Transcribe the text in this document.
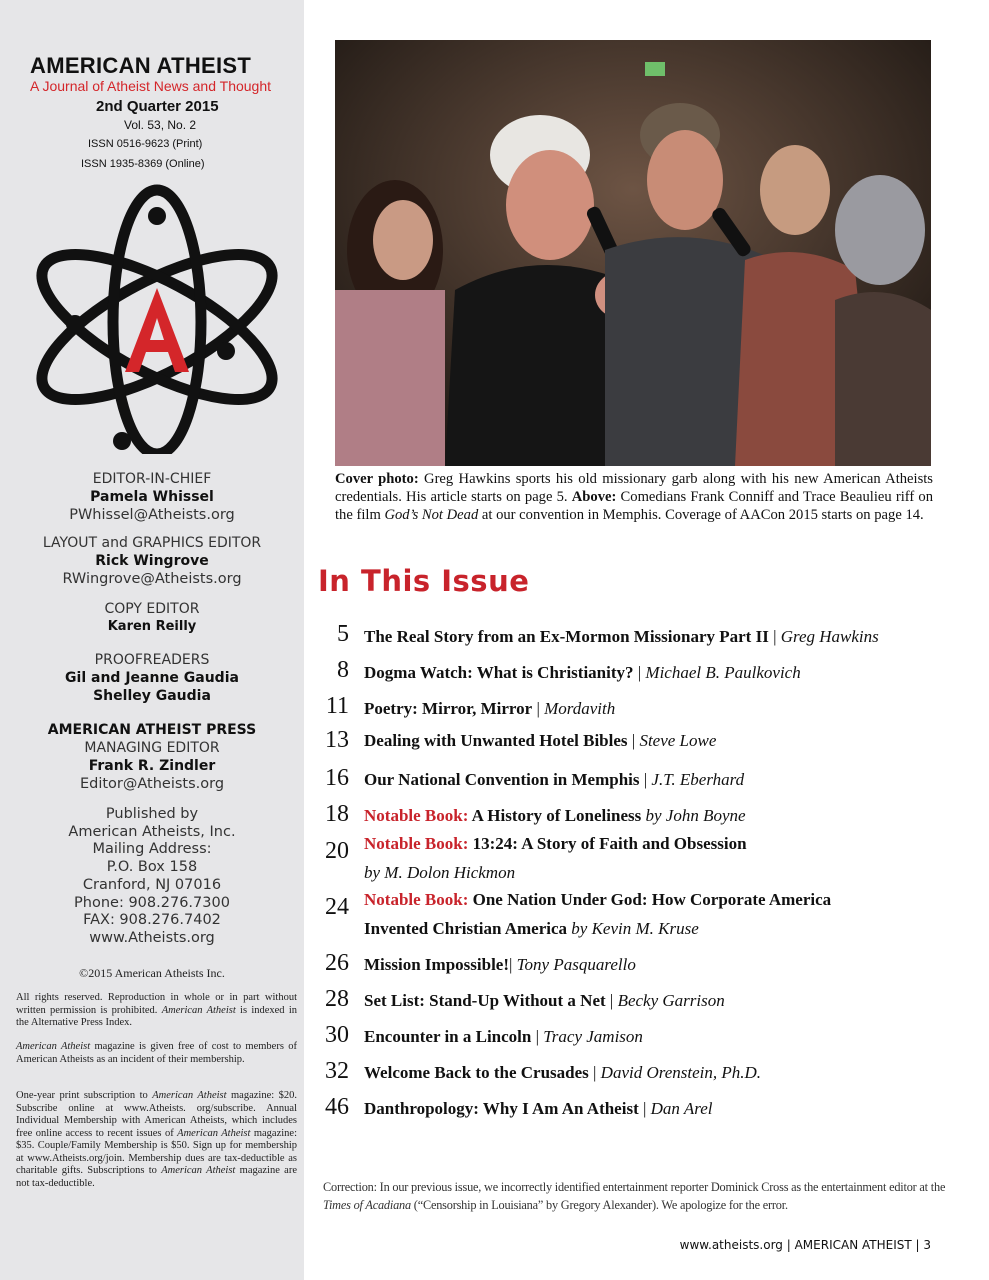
AMERICAN ATHEIST
A Journal of Atheist News and Thought
2nd Quarter 2015
Vol. 53, No. 2
ISSN 0516-9623 (Print)
ISSN 1935-8369 (Online)
A
EDITOR-IN-CHIEF
Pamela Whissel
PWhissel@Atheists.org
LAYOUT and GRAPHICS EDITOR
Rick Wingrove
RWingrove@Atheists.org
COPY EDITOR
Karen Reilly
PROOFREADERS
Gil and Jeanne Gaudia
Shelley Gaudia
AMERICAN ATHEIST PRESS
MANAGING EDITOR
Frank R. Zindler
Editor@Atheists.org
Published by
American Atheists, Inc.
Mailing Address:
P.O. Box 158
Cranford, NJ 07016
Phone: 908.276.7300
FAX: 908.276.7402
www.Atheists.org
©2015 American Atheists Inc.
All rights reserved. Reproduction in whole or in part without written permission is prohibited. American Atheist is indexed in the Alternative Press Index.
American Atheist magazine is given free of cost to members of American Atheists as an incident of their membership.
One-year print subscription to American Atheist magazine: $20. Subscribe online at www.Atheists. org/subscribe. Annual Individual Membership with American Atheists, which includes free online access to recent issues of American Atheist magazine: $35. Couple/Family Membership is $50. Sign up for membership at www.Atheists.org/join. Membership dues are tax-deductible as charitable gifts. Subscriptions to American Atheist magazine are not tax-deductible.
Cover photo: Greg Hawkins sports his old missionary garb along with his new American Atheists credentials. His article starts on page 5. Above: Comedians Frank Conniff and Trace Beaulieu riff on the film God’s Not Dead at our convention in Memphis. Coverage of AACon 2015 starts on page 14.
In This Issue
5 The Real Story from an Ex-Mormon Missionary Part II | Greg Hawkins
8 Dogma Watch: What is Christianity? | Michael B. Paulkovich
11 Poetry: Mirror, Mirror | Mordavith
13 Dealing with Unwanted Hotel Bibles | Steve Lowe
16 Our National Convention in Memphis | J.T. Eberhard
18 Notable Book: A History of Loneliness by John Boyne
20 Notable Book: 13:24: A Story of Faith and Obsession
by M. Dolon Hickmon
24 Notable Book: One Nation Under God: How Corporate America
Invented Christian America by Kevin M. Kruse
26 Mission Impossible!| Tony Pasquarello
28 Set List: Stand-Up Without a Net | Becky Garrison
30 Encounter in a Lincoln | Tracy Jamison
32 Welcome Back to the Crusades | David Orenstein, Ph.D.
46 Danthropology: Why I Am An Atheist | Dan Arel
Correction: In our previous issue, we incorrectly identified entertainment reporter Dominick Cross as the entertainment editor at the Times of Acadiana (“Censorship in Louisiana” by Gregory Alexander). We apologize for the error.
www.atheists.org | AMERICAN ATHEIST | 3
